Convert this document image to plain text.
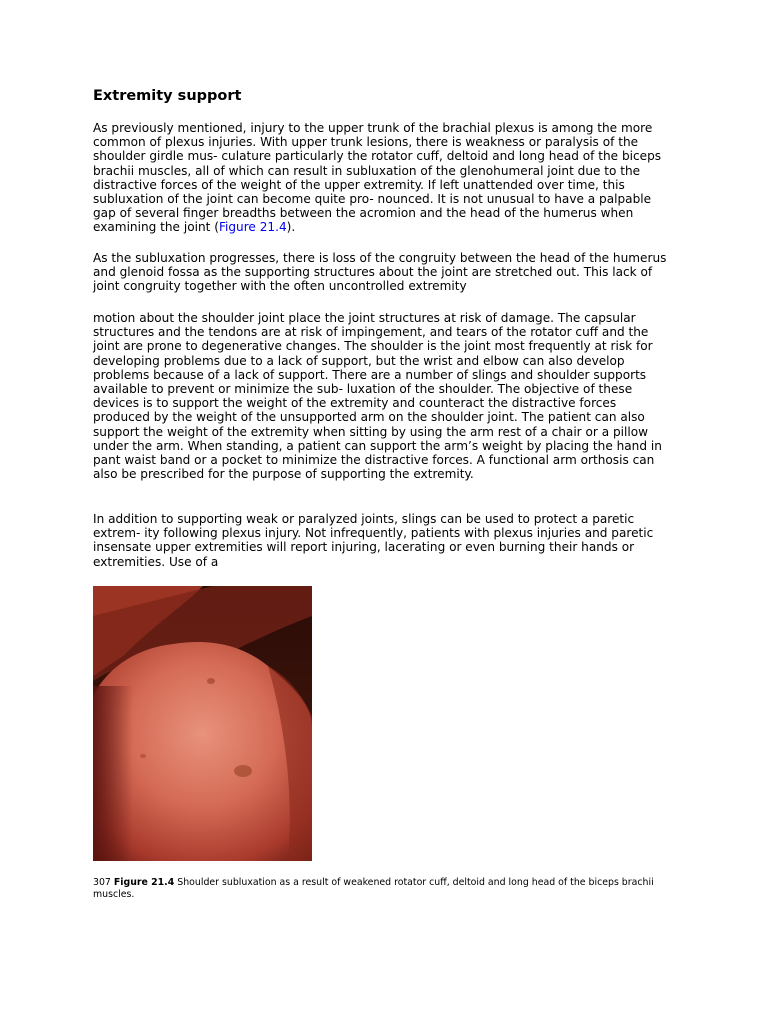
Extremity support

As previously mentioned, injury to the upper trunk of the brachial plexus is among the more common of plexus injuries. With upper trunk lesions, there is weakness or paralysis of the shoulder girdle mus- culature particularly the rotator cuff, deltoid and long head of the biceps brachii muscles, all of which can result in subluxation of the glenohumeral joint due to the distractive forces of the weight of the upper extremity. If left unattended over time, this subluxation of the joint can become quite pro- nounced. It is not unusual to have a palpable gap of several finger breadths between the acromion and the head of the humerus when examining the joint (Figure 21.4).

As the subluxation progresses, there is loss of the congruity between the head of the humerus and glenoid fossa as the supporting structures about the joint are stretched out. This lack of joint congruity together with the often uncontrolled extremity

motion about the shoulder joint place the joint structures at risk of damage. The capsular structures and the tendons are at risk of impingement, and tears of the rotator cuff and the joint are prone to degenerative changes. The shoulder is the joint most frequently at risk for developing problems due to a lack of support, but the wrist and elbow can also develop problems because of a lack of support. There are a number of slings and shoulder supports available to prevent or minimize the sub- luxation of the shoulder. The objective of these devices is to support the weight of the extremity and counteract the distractive forces produced by the weight of the unsupported arm on the shoulder joint. The patient can also support the weight of the extremity when sitting by using the arm rest of a chair or a pillow under the arm. When standing, a patient can support the arm’s weight by placing the hand in pant waist band or a pocket to minimize the distractive forces. A functional arm orthosis can also be prescribed for the purpose of supporting the extremity.

In addition to supporting weak or paralyzed joints, slings can be used to protect a paretic extrem- ity following plexus injury. Not infrequently, patients with plexus injuries and paretic insensate upper extremities will report injuring, lacerating or even burning their hands or extremities. Use of a

307 Figure 21.4 Shoulder subluxation as a result of weakened rotator cuff, deltoid and long head of the biceps brachii muscles.
